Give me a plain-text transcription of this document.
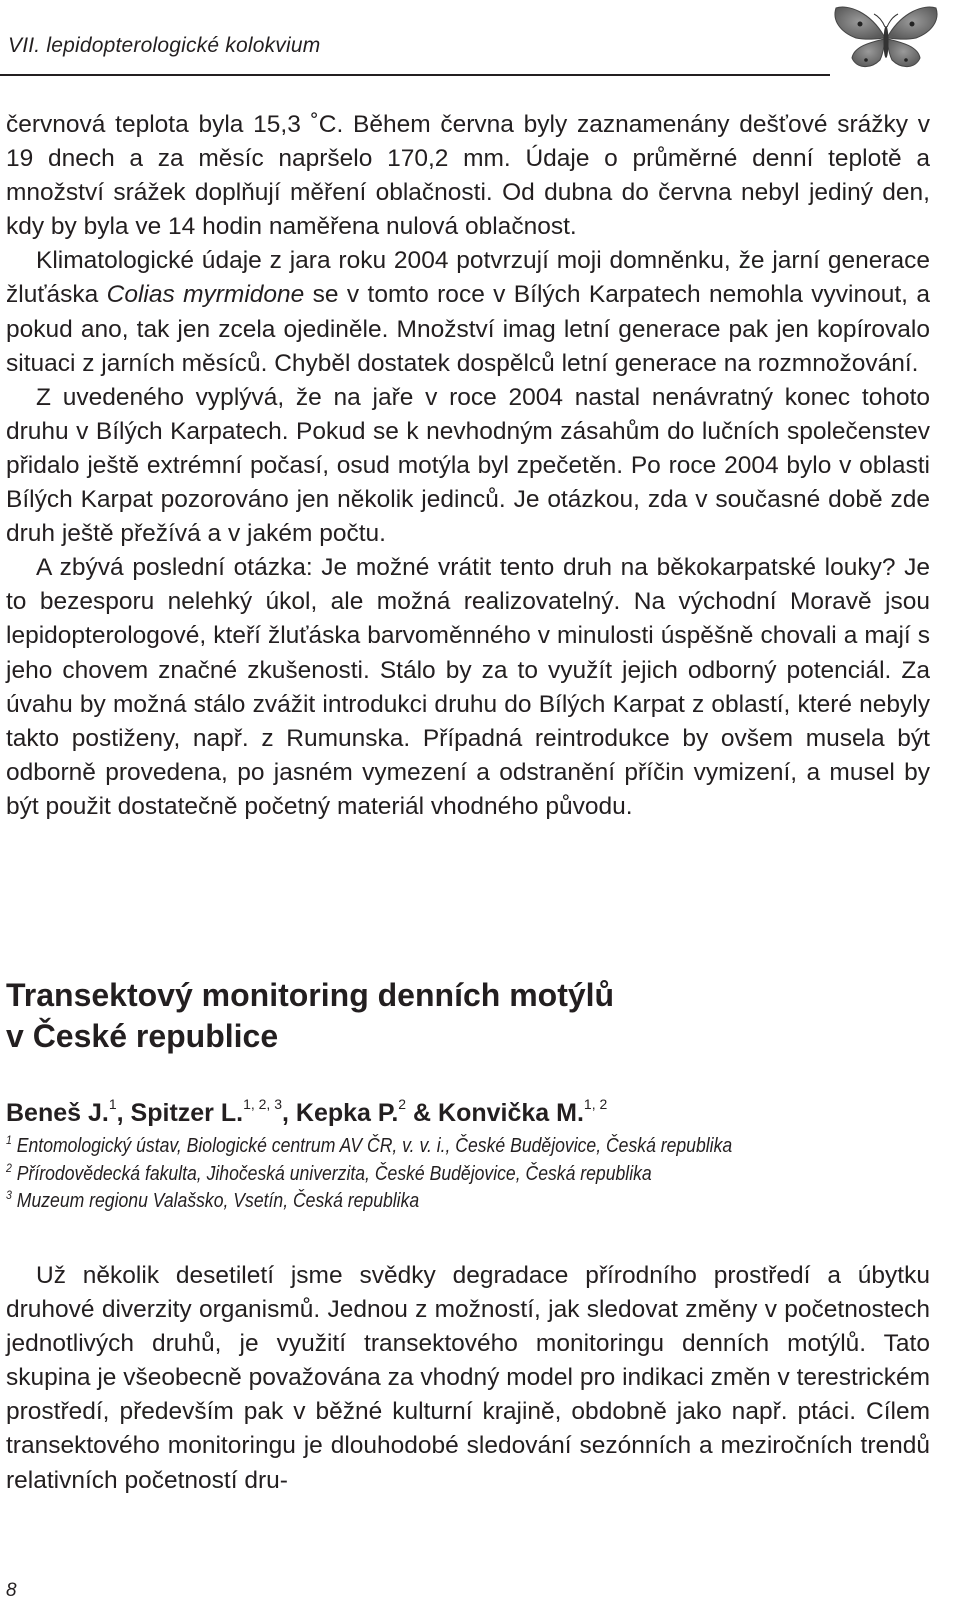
VII. lepidopterologické kolokvium

červnová teplota byla 15,3 ˚C. Během června byly zaznamenány dešťové srážky v 19 dnech a za měsíc napršelo 170,2 mm. Údaje o průměrné denní teplotě a množství srážek doplňují měření oblačnosti. Od dubna do června nebyl jediný den, kdy by byla ve 14 hodin naměřena nulová oblačnost.

Klimatologické údaje z jara roku 2004 potvrzují moji domněnku, že jarní generace žluťáska Colias myrmidone se v tomto roce v Bílých Karpatech nemohla vyvinout, a pokud ano, tak jen zcela ojediněle. Množství imag letní generace pak jen kopírovalo situaci z jarních měsíců. Chyběl dostatek dospělců letní generace na rozmnožování.

Z uvedeného vyplývá, že na jaře v roce 2004 nastal nenávratný konec tohoto druhu v Bílých Karpatech. Pokud se k nevhodným zásahům do lučních společenstev přidalo ještě extrémní počasí, osud motýla byl zpečetěn. Po roce 2004 bylo v oblasti Bílých Karpat pozorováno jen několik jedinců. Je otázkou, zda v současné době zde druh ještě přežívá a v jakém počtu.

A zbývá poslední otázka: Je možné vrátit tento druh na běkokarpatské louky? Je to bezesporu nelehký úkol, ale možná realizovatelný. Na východní Moravě jsou lepidopterologové, kteří žluťáska barvoměnného v minulosti úspěšně chovali a mají s jeho chovem značné zkušenosti. Stálo by za to využít jejich odborný potenciál. Za úvahu by možná stálo zvážit introdukci druhu do Bílých Karpat z oblastí, které nebyly takto postiženy, např. z Rumunska. Případná reintrodukce by ovšem musela být odborně provedena, po jasném vymezení a odstranění příčin vymizení, a musel by být použit dostatečně početný materiál vhodného původu.

Transektový monitoring denních motýlů
v České republice
Beneš J.$^1$, Spitzer L.$^{1, 2, 3}$, Kepka P.$^2$ & Konvička M.$^{1, 2}$
$^1$ Entomologický ústav, Biologické centrum AV ČR, v. v. i., České Budějovice, Česká republika
$^2$ Přírodovědecká fakulta, Jihočeská univerzita, České Budějovice, Česká republika
$^3$ Muzeum regionu Valašsko, Vsetín, Česká republika

Už několik desetiletí jsme svědky degradace přírodního prostředí a úbytku druhové diverzity organismů. Jednou z možností, jak sledovat změny v početnostech jednotlivých druhů, je využití transektového monitoringu denních motýlů. Tato skupina je všeobecně považována za vhodný model pro indikaci změn v terestrickém prostředí, především pak v běžné kulturní krajině, obdobně jako např. ptáci. Cílem transektového monitoringu je dlouhodobé sledování sezónních a meziročních trendů relativních početností dru-

8
